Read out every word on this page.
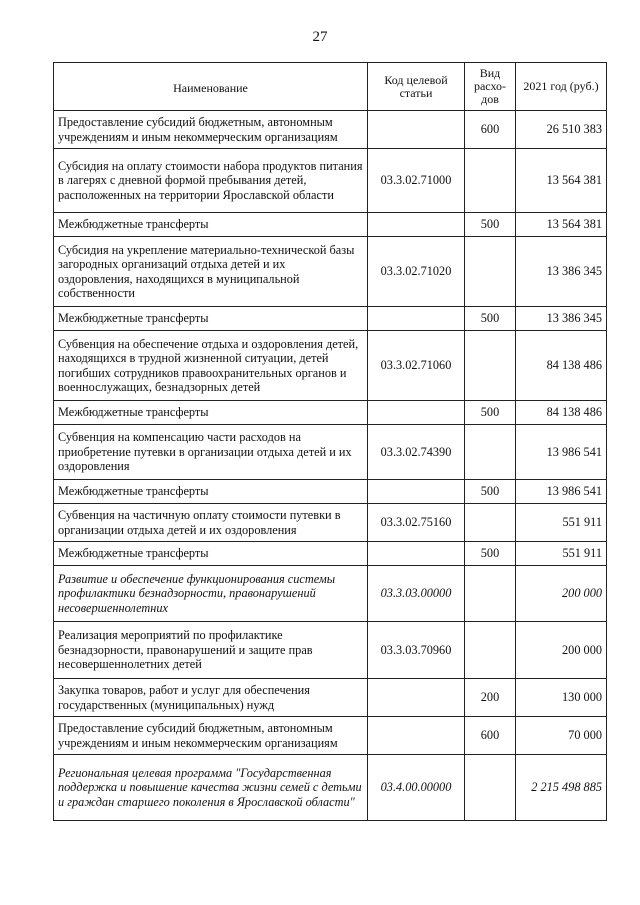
27
Наименование	Код целевой статьи	Вид расхо-дов	2021 год (руб.)
Предоставление субсидий бюджетным, автономным учреждениям и иным некоммерческим организациям		600	26 510 383
Субсидия на оплату стоимости набора продуктов питания в лагерях с дневной формой пребывания детей, расположенных на территории Ярославской области	03.3.02.71000		13 564 381
Межбюджетные трансферты		500	13 564 381
Субсидия на укрепление материально-технической базы загородных организаций отдыха детей и их оздоровления, находящихся в муниципальной собственности	03.3.02.71020		13 386 345
Межбюджетные трансферты		500	13 386 345
Субвенция на обеспечение отдыха и оздоровления детей, находящихся в трудной жизненной ситуации, детей погибших сотрудников правоохранительных органов и военнослужащих, безнадзорных детей	03.3.02.71060		84 138 486
Межбюджетные трансферты		500	84 138 486
Субвенция на компенсацию части расходов на приобретение путевки в организации отдыха детей и их оздоровления	03.3.02.74390		13 986 541
Межбюджетные трансферты		500	13 986 541
Субвенция на частичную оплату стоимости путевки в организации отдыха детей и их оздоровления	03.3.02.75160		551 911
Межбюджетные трансферты		500	551 911
Развитие и обеспечение функционирования системы профилактики безнадзорности, правонарушений несовершеннолетних	03.3.03.00000		200 000
Реализация мероприятий по профилактике безнадзорности, правонарушений и защите прав несовершеннолетних детей	03.3.03.70960		200 000
Закупка товаров, работ и услуг для обеспечения государственных (муниципальных) нужд		200	130 000
Предоставление субсидий бюджетным, автономным учреждениям и иным некоммерческим организациям		600	70 000
Региональная целевая программа "Государственная поддержка и повышение качества жизни семей с детьми и граждан старшего поколения в Ярославской области"	03.4.00.00000		2 215 498 885
